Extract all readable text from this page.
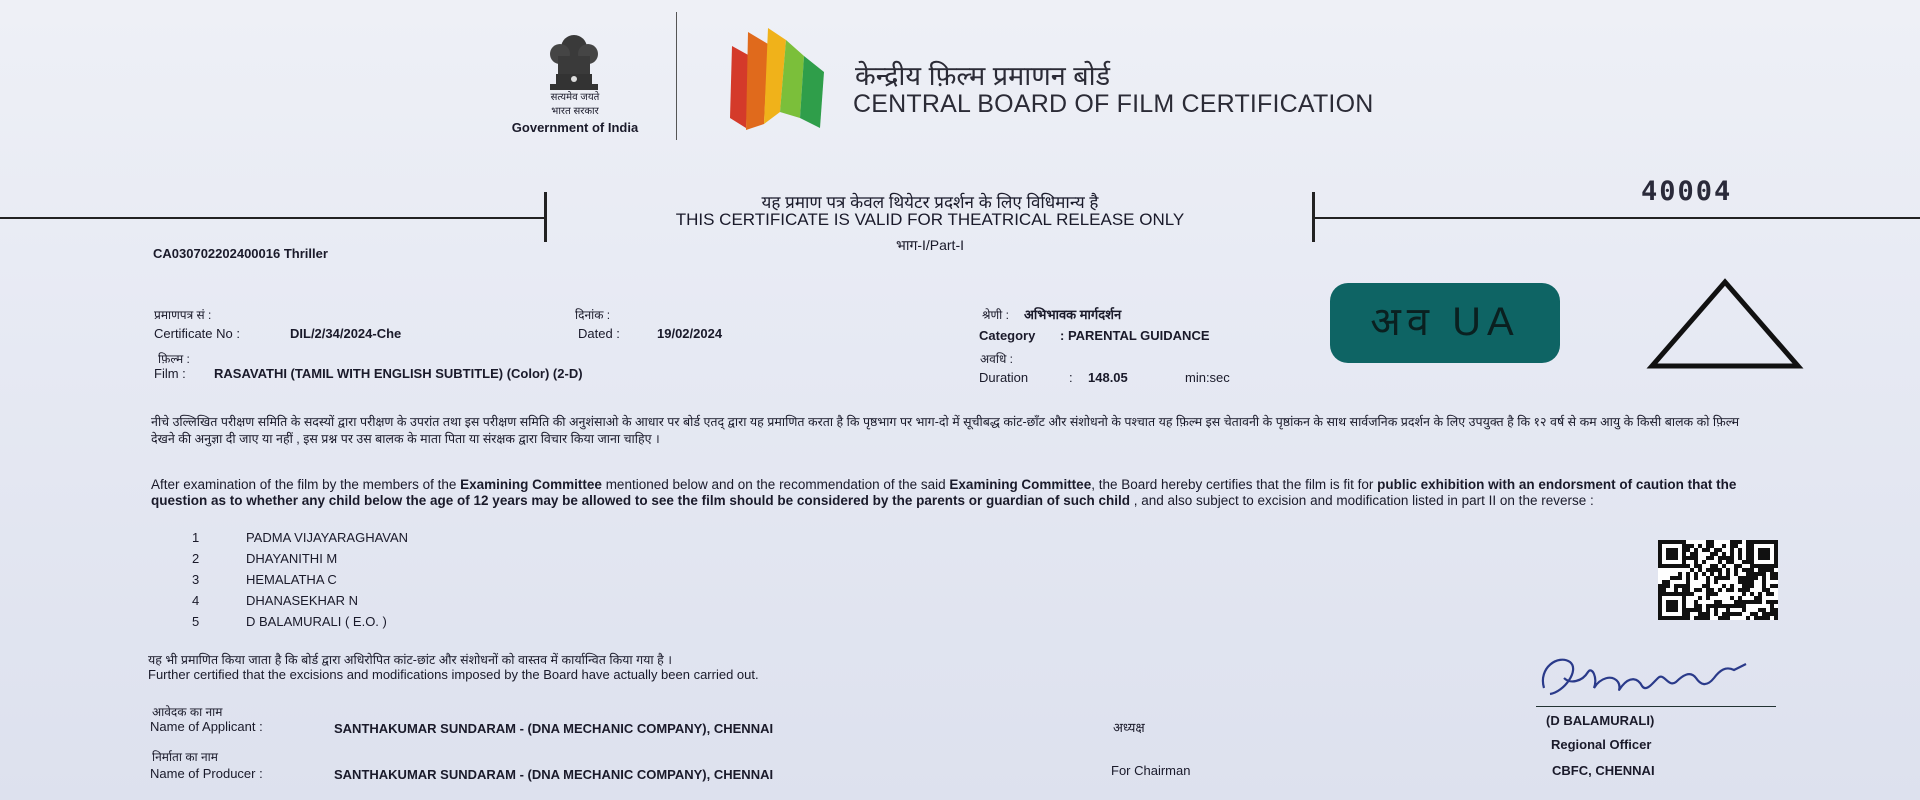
सत्यमेव जयते
भारत सरकार
Government of India
केन्द्रीय फ़िल्म प्रमाणन बोर्ड
CENTRAL BOARD OF FILM CERTIFICATION
यह प्रमाण पत्र केवल थियेटर प्रदर्शन के लिए विधिमान्य है
THIS CERTIFICATE IS VALID FOR THEATRICAL RELEASE ONLY
भाग-I/Part-I
40004
CA030702202400016 Thriller
प्रमाणपत्र सं :
Certificate No :	DIL/2/34/2024-Che
दिनांक :
Dated :	19/02/2024
श्रेणी : अभिभावक मार्गदर्शन
Category : PARENTAL GUIDANCE
फ़िल्म :
Film : RASAVATHI (TAMIL WITH ENGLISH SUBTITLE) (Color) (2-D)
अवधि :
Duration	: 148.05	min:sec
अव UA
नीचे उल्लिखित परीक्षण समिति के सदस्यों द्वारा परीक्षण के उपरांत तथा इस परीक्षण समिति की अनुशंसाओ के आधार पर बोर्ड एतद् द्वारा यह प्रमाणित करता है कि पृष्ठभाग पर भाग-दो में सूचीबद्ध कांट-छाँट और संशोधनो के पश्चात यह फ़िल्म इस चेतावनी के पृष्ठांकन के साथ सार्वजनिक प्रदर्शन के लिए उपयुक्त है कि १२ वर्ष से कम आयु के किसी बालक को फ़िल्म देखने की अनुज्ञा दी जाए या नहीं , इस प्रश्न पर उस बालक के माता पिता या संरक्षक द्वारा विचार किया जाना चाहिए ।
After examination of the film by the members of the Examining Committee mentioned below and on the recommendation of the said Examining Committee, the Board hereby certifies that the film is fit for public exhibition with an endorsment of caution that the question as to whether any child below the age of 12 years may be allowed to see the film should be considered by the parents or guardian of such child , and also subject to excision and modification listed in part II on the reverse :
1	PADMA VIJAYARAGHAVAN
2	DHAYANITHI M
3	HEMALATHA C
4	DHANASEKHAR N
5	D BALAMURALI ( E.O. )
यह भी प्रमाणित किया जाता है कि बोर्ड द्वारा अधिरोपित कांट-छांट और संशोधनों को वास्तव में कार्यान्वित किया गया है ।
Further certified that the excisions and modifications imposed by the Board have actually been carried out.
आवेदक का नाम
Name of Applicant :	SANTHAKUMAR SUNDARAM - (DNA MECHANIC COMPANY), CHENNAI
निर्माता का नाम
Name of Producer :	SANTHAKUMAR SUNDARAM - (DNA MECHANIC COMPANY), CHENNAI
अध्यक्ष
For Chairman
(D BALAMURALI)
Regional Officer
CBFC, CHENNAI
